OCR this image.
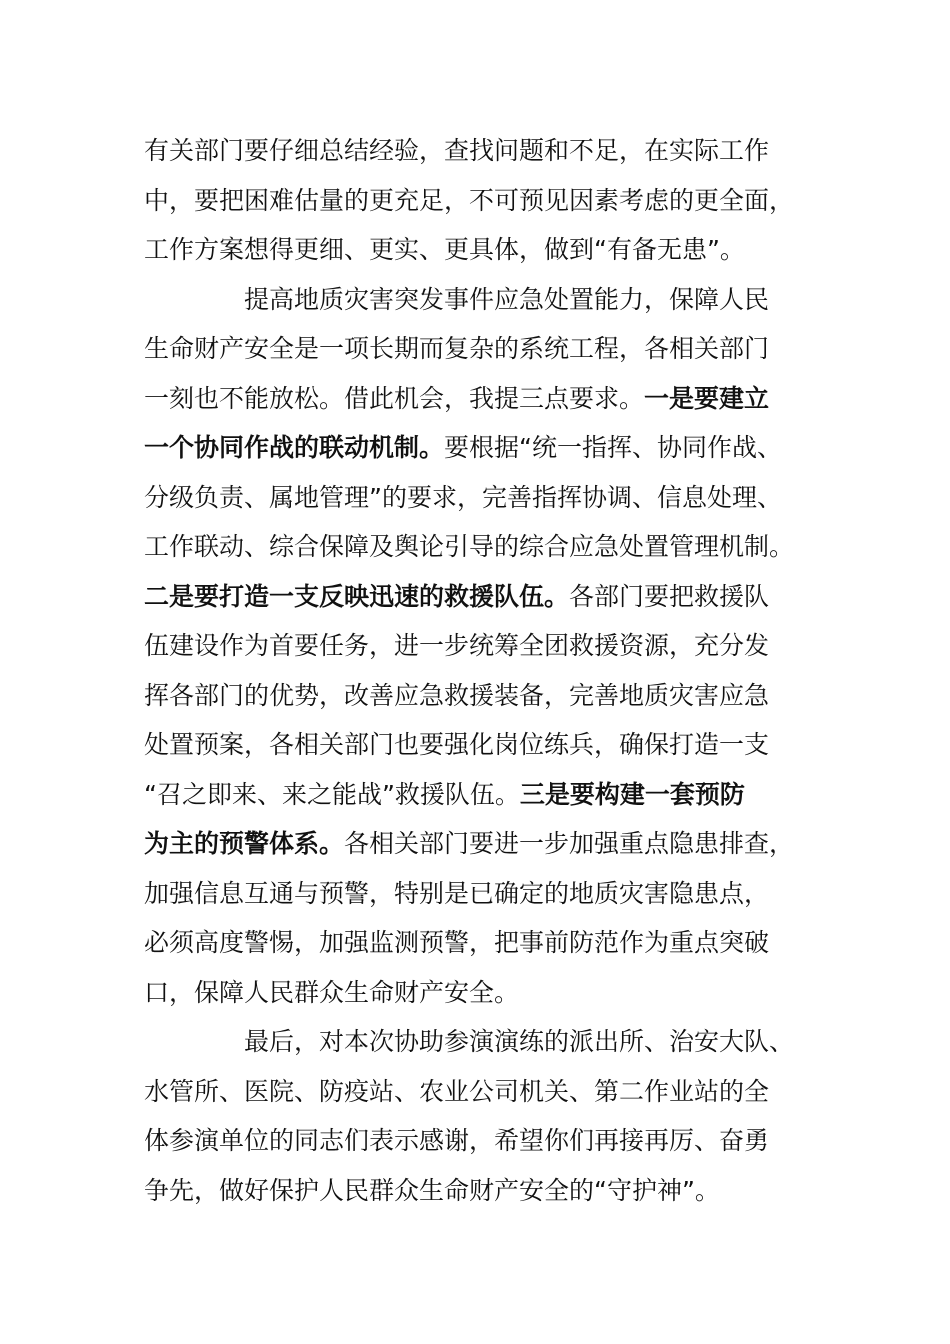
有关部门要仔细总结经验，查找问题和不足，在实际工作
中，要把困难估量的更充足，不可预见因素考虑的更全面，
工作方案想得更细、更实、更具体，做到“有备无患”。
提高地质灾害突发事件应急处置能力，保障人民
生命财产安全是一项长期而复杂的系统工程，各相关部门
一刻也不能放松。借此机会，我提三点要求。一是要建立
一个协同作战的联动机制。要根据“统一指挥、协同作战、
分级负责、属地管理”的要求，完善指挥协调、信息处理、
工作联动、综合保障及舆论引导的综合应急处置管理机制。
二是要打造一支反映迅速的救援队伍。各部门要把救援队
伍建设作为首要任务，进一步统筹全团救援资源，充分发
挥各部门的优势，改善应急救援装备，完善地质灾害应急
处置预案，各相关部门也要强化岗位练兵，确保打造一支
“召之即来、来之能战”救援队伍。三是要构建一套预防
为主的预警体系。各相关部门要进一步加强重点隐患排查，
加强信息互通与预警，特别是已确定的地质灾害隐患点，
必须高度警惕，加强监测预警，把事前防范作为重点突破
口，保障人民群众生命财产安全。
最后，对本次协助参演演练的派出所、治安大队、
水管所、医院、防疫站、农业公司机关、第二作业站的全
体参演单位的同志们表示感谢，希望你们再接再厉、奋勇
争先，做好保护人民群众生命财产安全的“守护神”。
